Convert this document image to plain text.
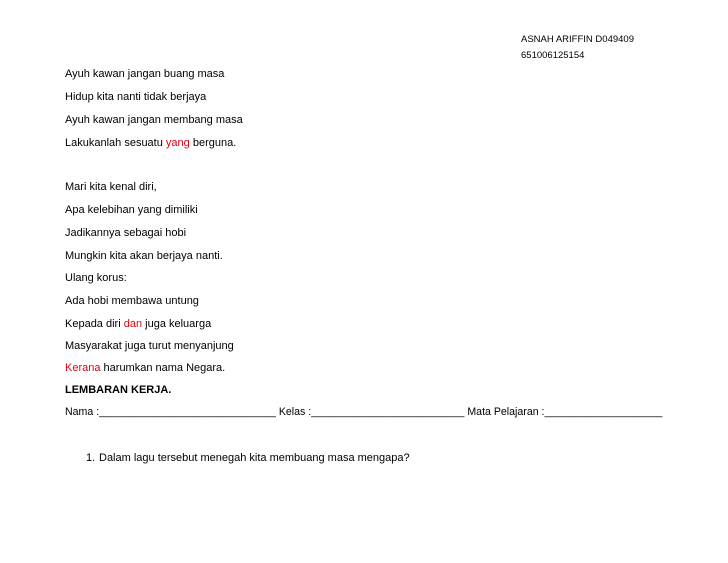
ASNAH ARIFFIN D049409
651006125154
Ayuh kawan jangan buang masa
Hidup kita nanti tidak berjaya
Ayuh kawan jangan membang masa
Lakukanlah sesuatu yang berguna.
Mari kita kenal diri,
Apa kelebihan yang dimiliki
Jadikannya sebagai hobi
Mungkin kita akan berjaya nanti.
Ulang korus:
Ada hobi membawa untung
Kepada diri dan juga keluarga
Masyarakat juga turut menyanjung
Kerana harumkan nama Negara.
LEMBARAN KERJA.
Nama :______________________________ Kelas :__________________________ Mata Pelajaran :____________________
1. Dalam lagu tersebut menegah kita membuang masa mengapa?
